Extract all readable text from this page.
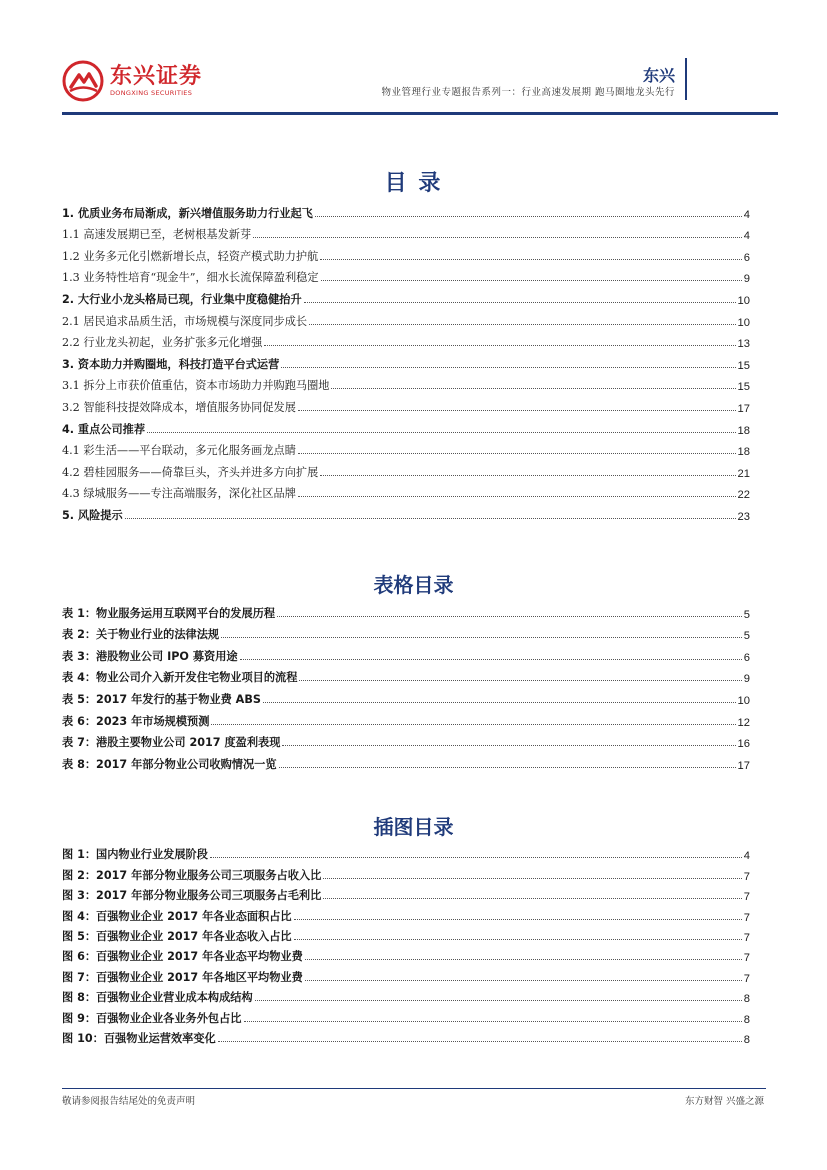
东兴证券
DONGXING SECURITIES
东兴
物业管理行业专题报告系列一：行业高速发展期 跑马圈地龙头先行
目 录
1. 优质业务布局渐成，新兴增值服务助力行业起飞	4
1.1 高速发展期已至，老树根基发新芽	4
1.2 业务多元化引燃新增长点，轻资产模式助力护航	6
1.3 业务特性培育“现金牛”，细水长流保障盈利稳定	9
2. 大行业小龙头格局已现，行业集中度稳健抬升	10
2.1 居民追求品质生活，市场规模与深度同步成长	10
2.2 行业龙头初起，业务扩张多元化增强	13
3. 资本助力并购圈地，科技打造平台式运营	15
3.1 拆分上市获价值重估，资本市场助力并购跑马圈地	15
3.2 智能科技提效降成本，增值服务协同促发展	17
4. 重点公司推荐	18
4.1 彩生活——平台联动，多元化服务画龙点睛	18
4.2 碧桂园服务——倚靠巨头，齐头并进多方向扩展	21
4.3 绿城服务——专注高端服务，深化社区品牌	22
5. 风险提示	23
表格目录
表 1：物业服务运用互联网平台的发展历程	5
表 2：关于物业行业的法律法规	5
表 3：港股物业公司 IPO 募资用途	6
表 4：物业公司介入新开发住宅物业项目的流程	9
表 5：2017 年发行的基于物业费 ABS	10
表 6：2023 年市场规模预测	12
表 7：港股主要物业公司 2017 度盈利表现	16
表 8：2017 年部分物业公司收购情况一览	17
插图目录
图 1：国内物业行业发展阶段	4
图 2：2017 年部分物业服务公司三项服务占收入比	7
图 3：2017 年部分物业服务公司三项服务占毛利比	7
图 4：百强物业企业 2017 年各业态面积占比	7
图 5：百强物业企业 2017 年各业态收入占比	7
图 6：百强物业企业 2017 年各业态平均物业费	7
图 7：百强物业企业 2017 年各地区平均物业费	7
图 8：百强物业企业营业成本构成结构	8
图 9：百强物业企业各业务外包占比	8
图 10：百强物业运营效率变化	8
敬请参阅报告结尾处的免责声明	东方财智 兴盛之源
